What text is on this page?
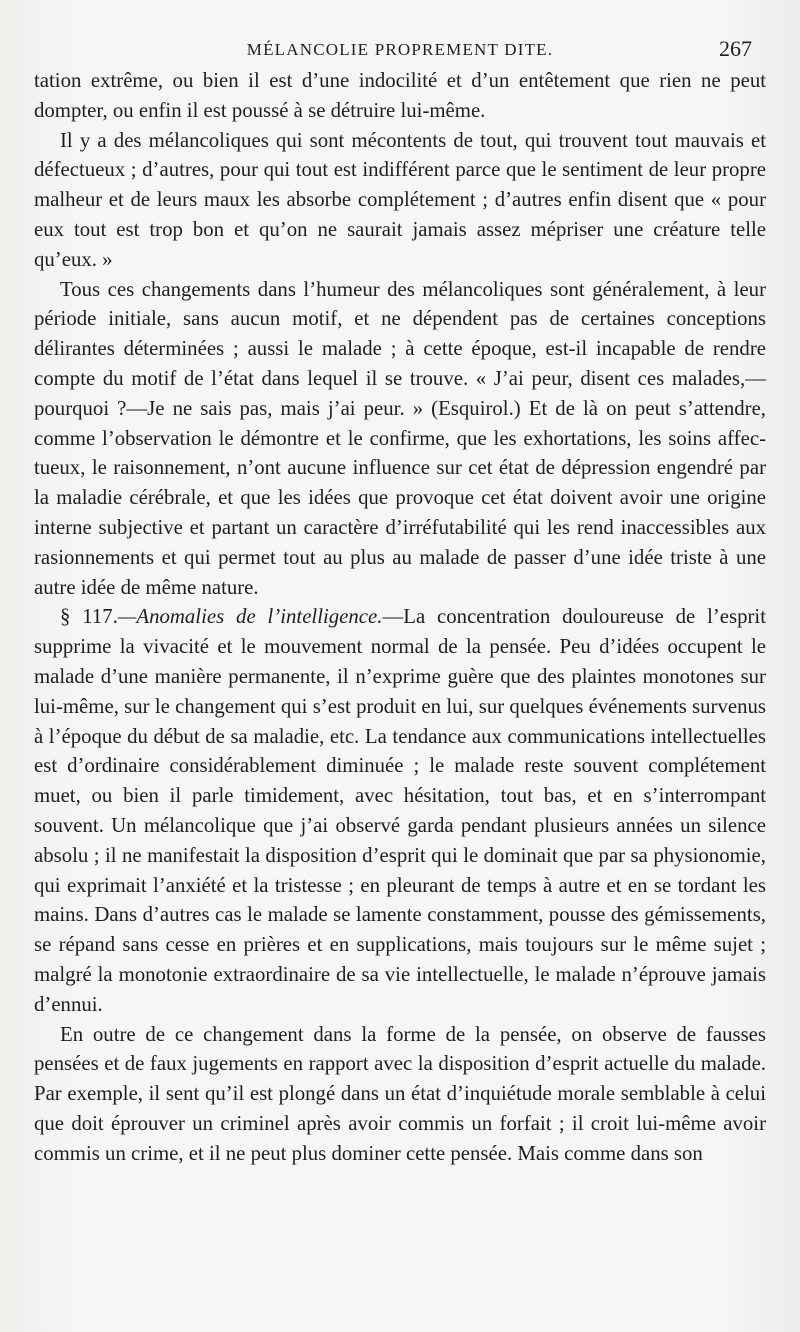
MÉLANCOLIE PROPREMENT DITE.	267

tation extrême, ou bien il est d’une indocilité et d’un entêtement que rien ne peut dompter, ou enfin il est poussé à se détruire lui-même.

Il y a des mélancoliques qui sont mécontents de tout, qui trouvent tout mauvais et défectueux ; d’autres, pour qui tout est indifférent parce que le sentiment de leur propre malheur et de leurs maux les absorbe complétement ; d’autres enfin disent que « pour eux tout est trop bon et qu’on ne saurait jamais assez mépriser une créature telle qu’eux. »

Tous ces changements dans l’humeur des mélancoliques sont généralement, à leur période initiale, sans aucun motif, et ne dépendent pas de certaines conceptions délirantes déterminées ; aussi le malade ; à cette époque, est-il incapable de rendre compte du motif de l’état dans lequel il se trouve. « J’ai peur, disent ces malades,—pourquoi ?—Je ne sais pas, mais j’ai peur. » (Esquirol.) Et de là on peut s’attendre, comme l’observation le démontre et le confirme, que les exhortations, les soins affectueux, le raisonnement, n’ont aucune influence sur cet état de dépression engendré par la maladie cérébrale, et que les idées que provoque cet état doivent avoir une origine interne subjective et partant un caractère d’irréfutabilité qui les rend inaccessibles aux rasionnements et qui permet tout au plus au malade de passer d’une idée triste à une autre idée de même nature.

§ 117.—Anomalies de l’intelligence.—La concentration douloureuse de l’esprit supprime la vivacité et le mouvement normal de la pensée. Peu d’idées occupent le malade d’une manière permanente, il n’exprime guère que des plaintes monotones sur lui-même, sur le changement qui s’est produit en lui, sur quelques événements survenus à l’époque du début de sa maladie, etc. La tendance aux communications intellectuelles est d’ordinaire considérablement diminuée ; le malade reste souvent complétement muet, ou bien il parle timidement, avec hésitation, tout bas, et en s’interrompant souvent. Un mélancolique que j’ai observé garda pendant plusieurs années un silence absolu ; il ne manifestait la disposition d’esprit qui le dominait que par sa physionomie, qui exprimait l’anxiété et la tristesse ; en pleurant de temps à autre et en se tordant les mains. Dans d’autres cas le malade se lamente constamment, pousse des gémissements, se répand sans cesse en prières et en supplications, mais toujours sur le même sujet ; malgré la monotonie extraordinaire de sa vie intellectuelle, le malade n’éprouve jamais d’ennui.

En outre de ce changement dans la forme de la pensée, on observe de fausses pensées et de faux jugements en rapport avec la disposition d’esprit actuelle du malade. Par exemple, il sent qu’il est plongé dans un état d’inquiétude morale semblable à celui que doit éprouver un criminel après avoir commis un forfait ; il croit lui-même avoir commis un crime, et il ne peut plus dominer cette pensée. Mais comme dans son
